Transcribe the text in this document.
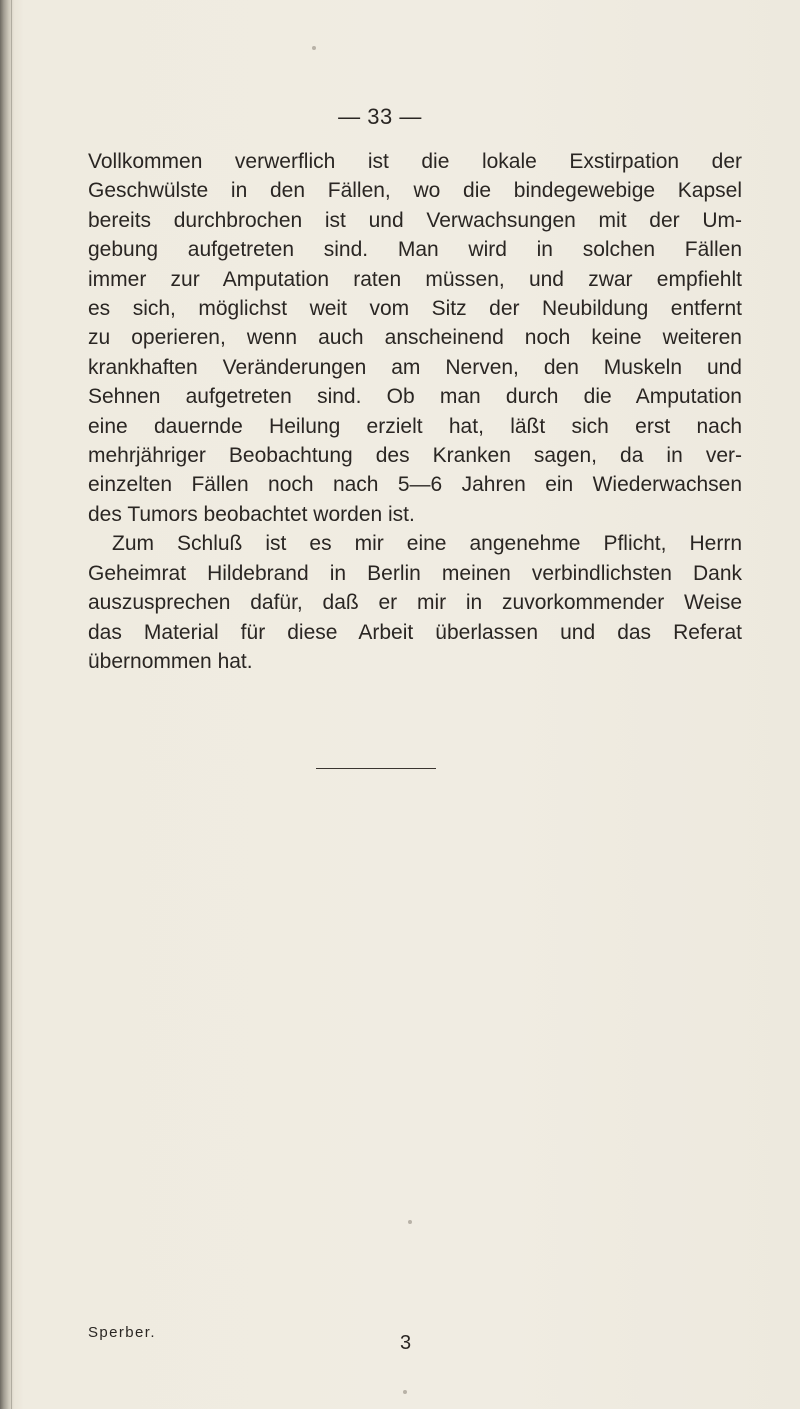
— 33 —
Vollkommen verwerflich ist die lokale Exstirpation der
Geschwülste in den Fällen, wo die bindegewebige Kapsel
bereits durchbrochen ist und Verwachsungen mit der Um-
gebung aufgetreten sind. Man wird in solchen Fällen
immer zur Amputation raten müssen, und zwar empfiehlt
es sich, möglichst weit vom Sitz der Neubildung entfernt
zu operieren, wenn auch anscheinend noch keine weiteren
krankhaften Veränderungen am Nerven, den Muskeln und
Sehnen aufgetreten sind. Ob man durch die Amputation
eine dauernde Heilung erzielt hat, läßt sich erst nach
mehrjähriger Beobachtung des Kranken sagen, da in ver-
einzelten Fällen noch nach 5—6 Jahren ein Wiederwachsen
des Tumors beobachtet worden ist.
Zum Schluß ist es mir eine angenehme Pflicht, Herrn
Geheimrat Hildebrand in Berlin meinen verbindlichsten Dank
auszusprechen dafür, daß er mir in zuvorkommender Weise
das Material für diese Arbeit überlassen und das Referat
übernommen hat.
Sperber.	3
